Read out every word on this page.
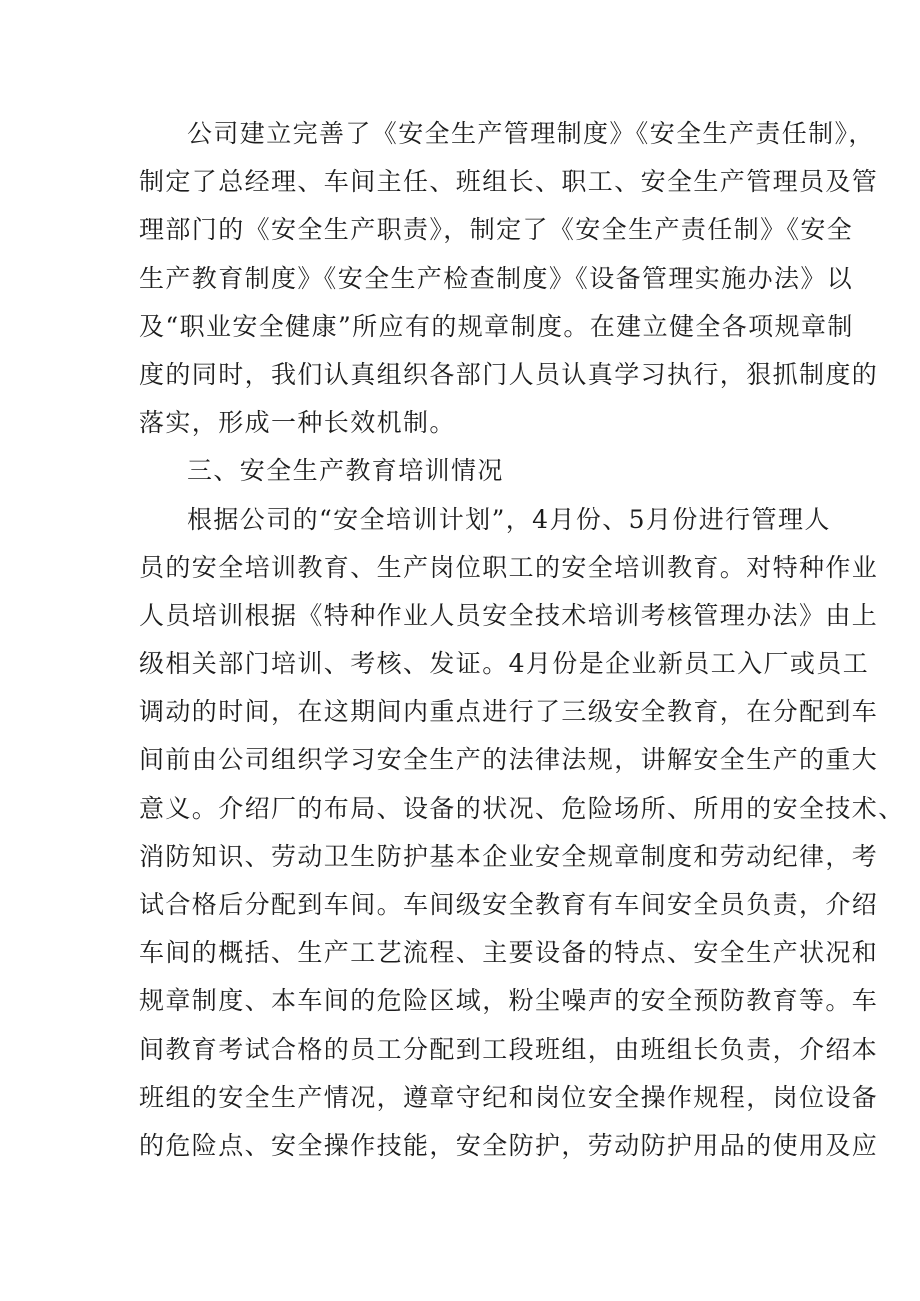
公司建立完善了《安全生产管理制度》《安全生产责任制》，
制定了总经理、车间主任、班组长、职工、安全生产管理员及管
理部门的《安全生产职责》，制定了《安全生产责任制》《安全
生产教育制度》《安全生产检查制度》《设备管理实施办法》以
及“职业安全健康”所应有的规章制度。在建立健全各项规章制
度的同时，我们认真组织各部门人员认真学习执行，狠抓制度的
落实，形成一种长效机制。
三、安全生产教育培训情况
根据公司的“安全培训计划”，4月份、5月份进行管理人
员的安全培训教育、生产岗位职工的安全培训教育。对特种作业
人员培训根据《特种作业人员安全技术培训考核管理办法》由上
级相关部门培训、考核、发证。4月份是企业新员工入厂或员工
调动的时间，在这期间内重点进行了三级安全教育，在分配到车
间前由公司组织学习安全生产的法律法规，讲解安全生产的重大
意义。介绍厂的布局、设备的状况、危险场所、所用的安全技术、
消防知识、劳动卫生防护基本企业安全规章制度和劳动纪律，考
试合格后分配到车间。车间级安全教育有车间安全员负责，介绍
车间的概括、生产工艺流程、主要设备的特点、安全生产状况和
规章制度、本车间的危险区域，粉尘噪声的安全预防教育等。车
间教育考试合格的员工分配到工段班组，由班组长负责，介绍本
班组的安全生产情况，遵章守纪和岗位安全操作规程，岗位设备
的危险点、安全操作技能，安全防护，劳动防护用品的使用及应
